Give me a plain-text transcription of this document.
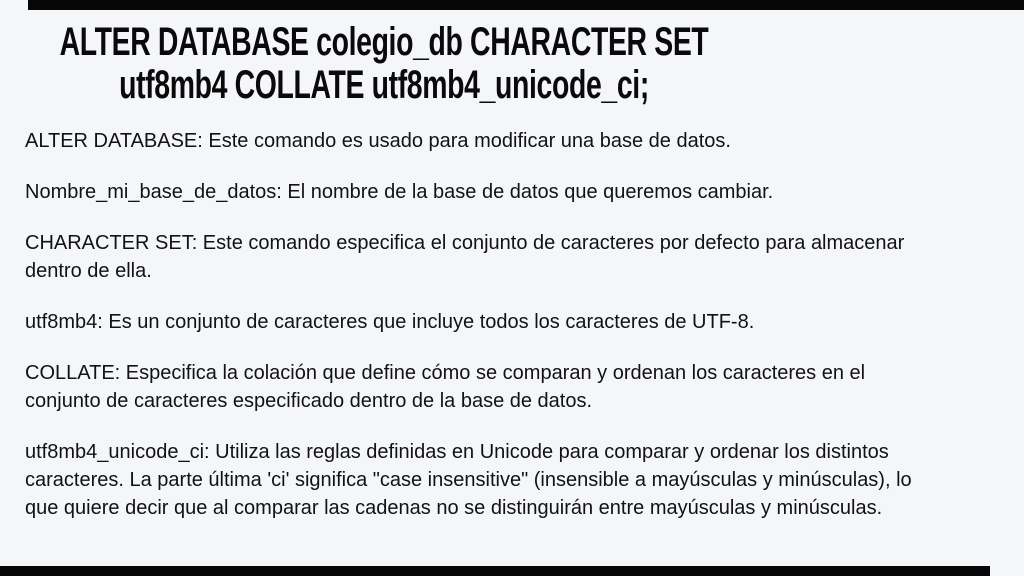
ALTER DATABASE colegio_db CHARACTER SET
utf8mb4 COLLATE utf8mb4_unicode_ci;
ALTER DATABASE: Este comando es usado para modificar una base de datos.
Nombre_mi_base_de_datos: El nombre de la base de datos que queremos cambiar.
CHARACTER SET: Este comando especifica el conjunto de caracteres por defecto para almacenar
dentro de ella.
utf8mb4: Es un conjunto de caracteres que incluye todos los caracteres de UTF-8.
COLLATE: Especifica la colación que define cómo se comparan y ordenan los caracteres en el
conjunto de caracteres especificado dentro de la base de datos.
utf8mb4_unicode_ci: Utiliza las reglas definidas en Unicode para comparar y ordenar los distintos
caracteres. La parte última 'ci' significa "case insensitive" (insensible a mayúsculas y minúsculas), lo
que quiere decir que al comparar las cadenas no se distinguirán entre mayúsculas y minúsculas.
